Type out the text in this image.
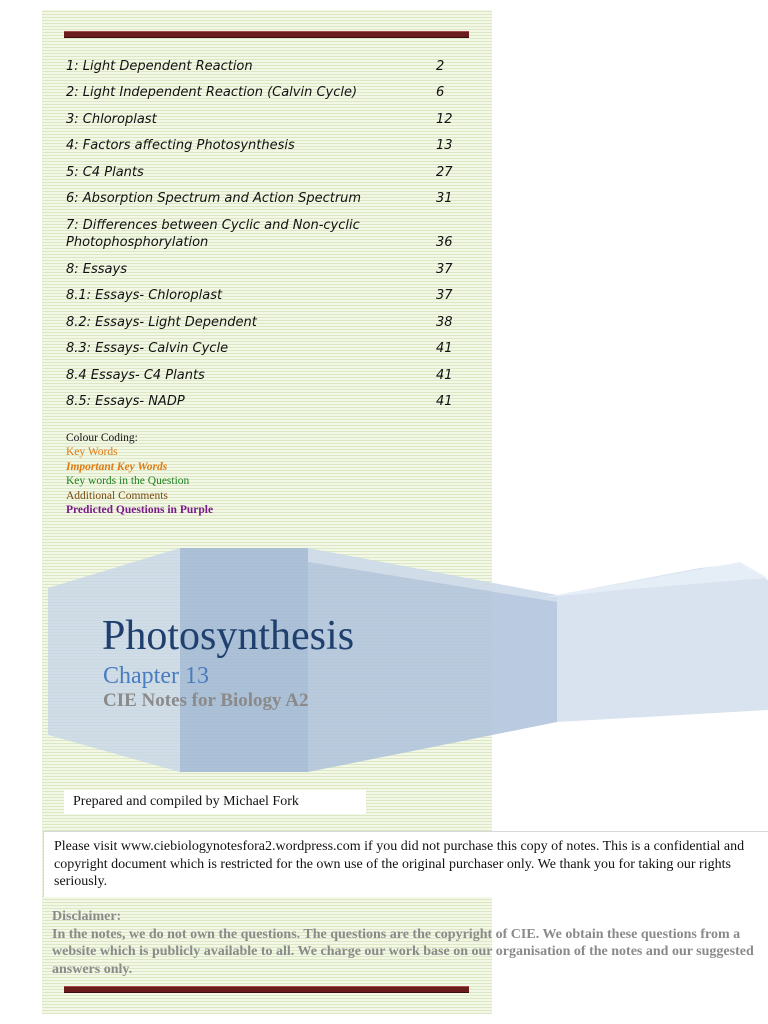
1: Light Dependent Reaction	2
2: Light Independent Reaction (Calvin Cycle)	6
3: Chloroplast	12
4: Factors affecting Photosynthesis	13
5: C4 Plants	27
6: Absorption Spectrum and Action Spectrum	31
7: Differences between Cyclic and Non-cyclic Photophosphorylation	36
8: Essays	37
8.1: Essays- Chloroplast	37
8.2: Essays- Light Dependent	38
8.3: Essays- Calvin Cycle	41
8.4 Essays- C4 Plants	41
8.5: Essays- NADP	41
Colour Coding:
Key Words
Important Key Words
Key words in the Question
Additional Comments
Predicted Questions in Purple
Photosynthesis
Chapter 13
CIE Notes for Biology A2
Prepared and compiled by Michael Fork
Please visit www.ciebiologynotesfora2.wordpress.com if you did not purchase this copy of notes. This is a confidential and copyright document which is restricted for the own use of the original purchaser only. We thank you for taking our rights seriously.
Disclaimer:
In the notes, we do not own the questions. The questions are the copyright of CIE. We obtain these questions from a website which is publicly available to all. We charge our work base on our organisation of the notes and our suggested answers only.
